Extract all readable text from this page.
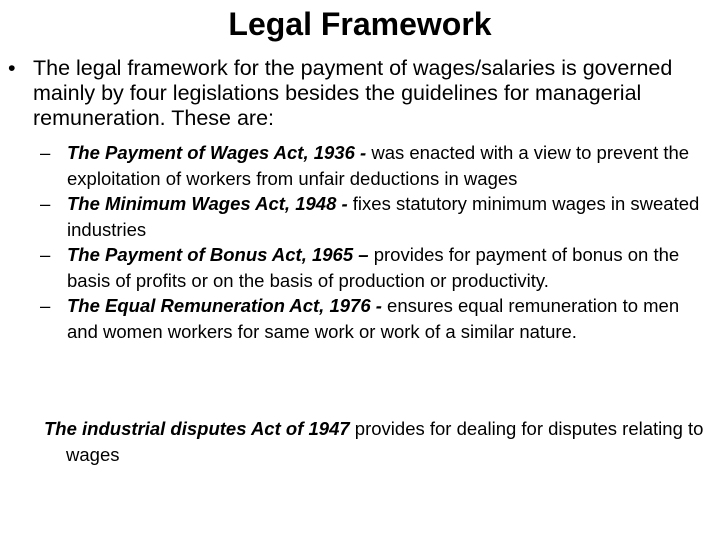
Legal Framework
• The legal framework for the payment of wages/salaries is governed mainly by four legislations besides the guidelines for managerial remuneration. These are:
– The Payment of Wages Act, 1936 - was enacted with a view to prevent the exploitation of workers from unfair deductions in wages
– The Minimum Wages Act, 1948 - fixes statutory minimum wages in sweated industries
– The Payment of Bonus Act, 1965 – provides for payment of bonus on the basis of profits or on the basis of production or productivity.
– The Equal Remuneration Act, 1976 - ensures equal remuneration to men and women workers for same work or work of a similar nature.
The industrial disputes Act of 1947 provides for dealing for disputes relating to wages
